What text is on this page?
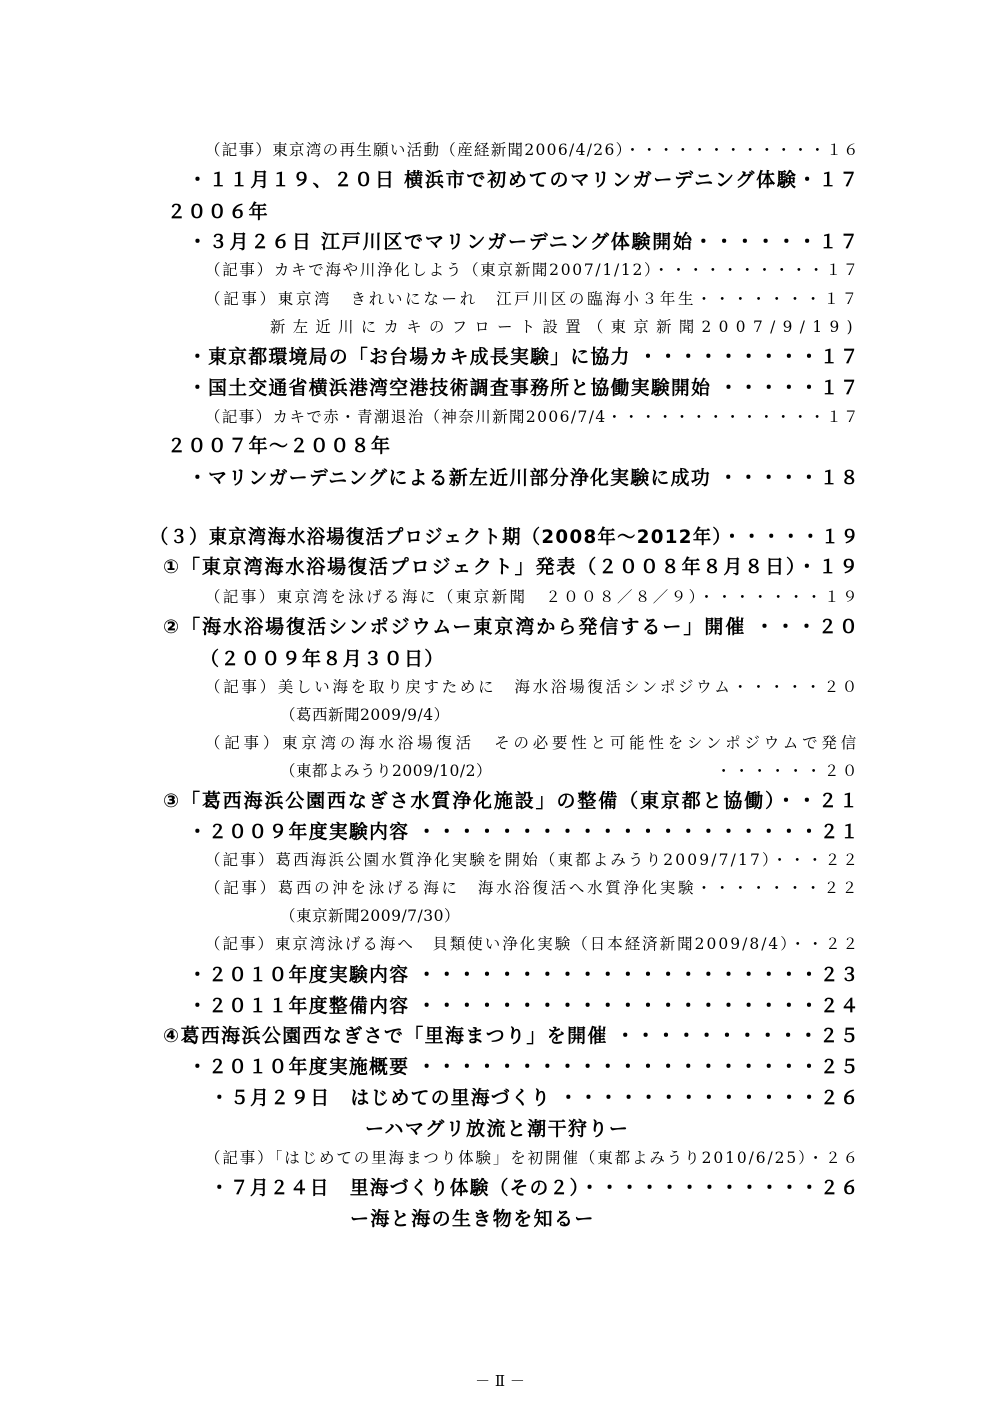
（記事）東京湾の再生願い活動（産経新聞2006/4/26）・・・・・・・・・・・・１６
・１１月１９、２０日 横浜市で初めてのマリンガーデニング体験・１７
２００６年
・３月２６日 江戸川区でマリンガーデニング体験開始・・・・・・１７
（記事）カキで海や川浄化しよう（東京新聞2007/1/12）・・・・・・・・・・１７
（記事）東京湾　きれいになーれ　江戸川区の臨海小３年生・・・・・・・１７
新左近川にカキのフロート設置（東京新聞2007/9/19)
・東京都環境局の「お台場カキ成長実験」に協力 ・・・・・・・・・１７
・国土交通省横浜港湾空港技術調査事務所と協働実験開始 ・・・・・１７
（記事）カキで赤・青潮退治（神奈川新聞2006/7/4・・・・・・・・・・・・・１７
２００７年～２００８年
・マリンガーデニングによる新左近川部分浄化実験に成功 ・・・・・１８
（３）東京湾海水浴場復活プロジェクト期（2008年～2012年）・・・・・１９
①「東京湾海水浴場復活プロジェクト」発表（２００８年８月８日）・１９
（記事）東京湾を泳げる海に（東京新聞　２００８／８／９）・・・・・・・１９
②「海水浴場復活シンポジウムー東京湾から発信するー」開催 ・・・２０
（２００９年８月３０日）
（記事）美しい海を取り戻すために　海水浴場復活シンポジウム・・・・・２０
（葛西新聞2009/9/4）
（記事）東京湾の海水浴場復活　その必要性と可能性をシンポジウムで発信
（東都よみうり2009/10/2）	・・・・・・２０
③「葛西海浜公園西なぎさ水質浄化施設」の整備（東京都と協働）・・２１
・２００９年度実験内容 ・・・・・・・・・・・・・・・・・・・・２１
（記事）葛西海浜公園水質浄化実験を開始（東都よみうり2009/7/17）・・・２２
（記事）葛西の沖を泳げる海に　海水浴復活へ水質浄化実験・・・・・・・２２
（東京新聞2009/7/30）
（記事）東京湾泳げる海へ　貝類使い浄化実験（日本経済新聞2009/8/4）・・２２
・２０１０年度実験内容 ・・・・・・・・・・・・・・・・・・・・２３
・２０１１年度整備内容 ・・・・・・・・・・・・・・・・・・・・２４
④葛西海浜公園西なぎさで「里海まつり」を開催 ・・・・・・・・・・２５
・２０１０年度実施概要 ・・・・・・・・・・・・・・・・・・・・２５
・５月２９日　はじめての里海づくり ・・・・・・・・・・・・・２６
ーハマグリ放流と潮干狩りー
（記事）「はじめての里海まつり体験」を初開催（東都よみうり2010/6/25）・２６
・７月２４日　里海づくり体験（その２）・・・・・・・・・・・・２６
ー海と海の生き物を知るー
－ Ⅱ －
